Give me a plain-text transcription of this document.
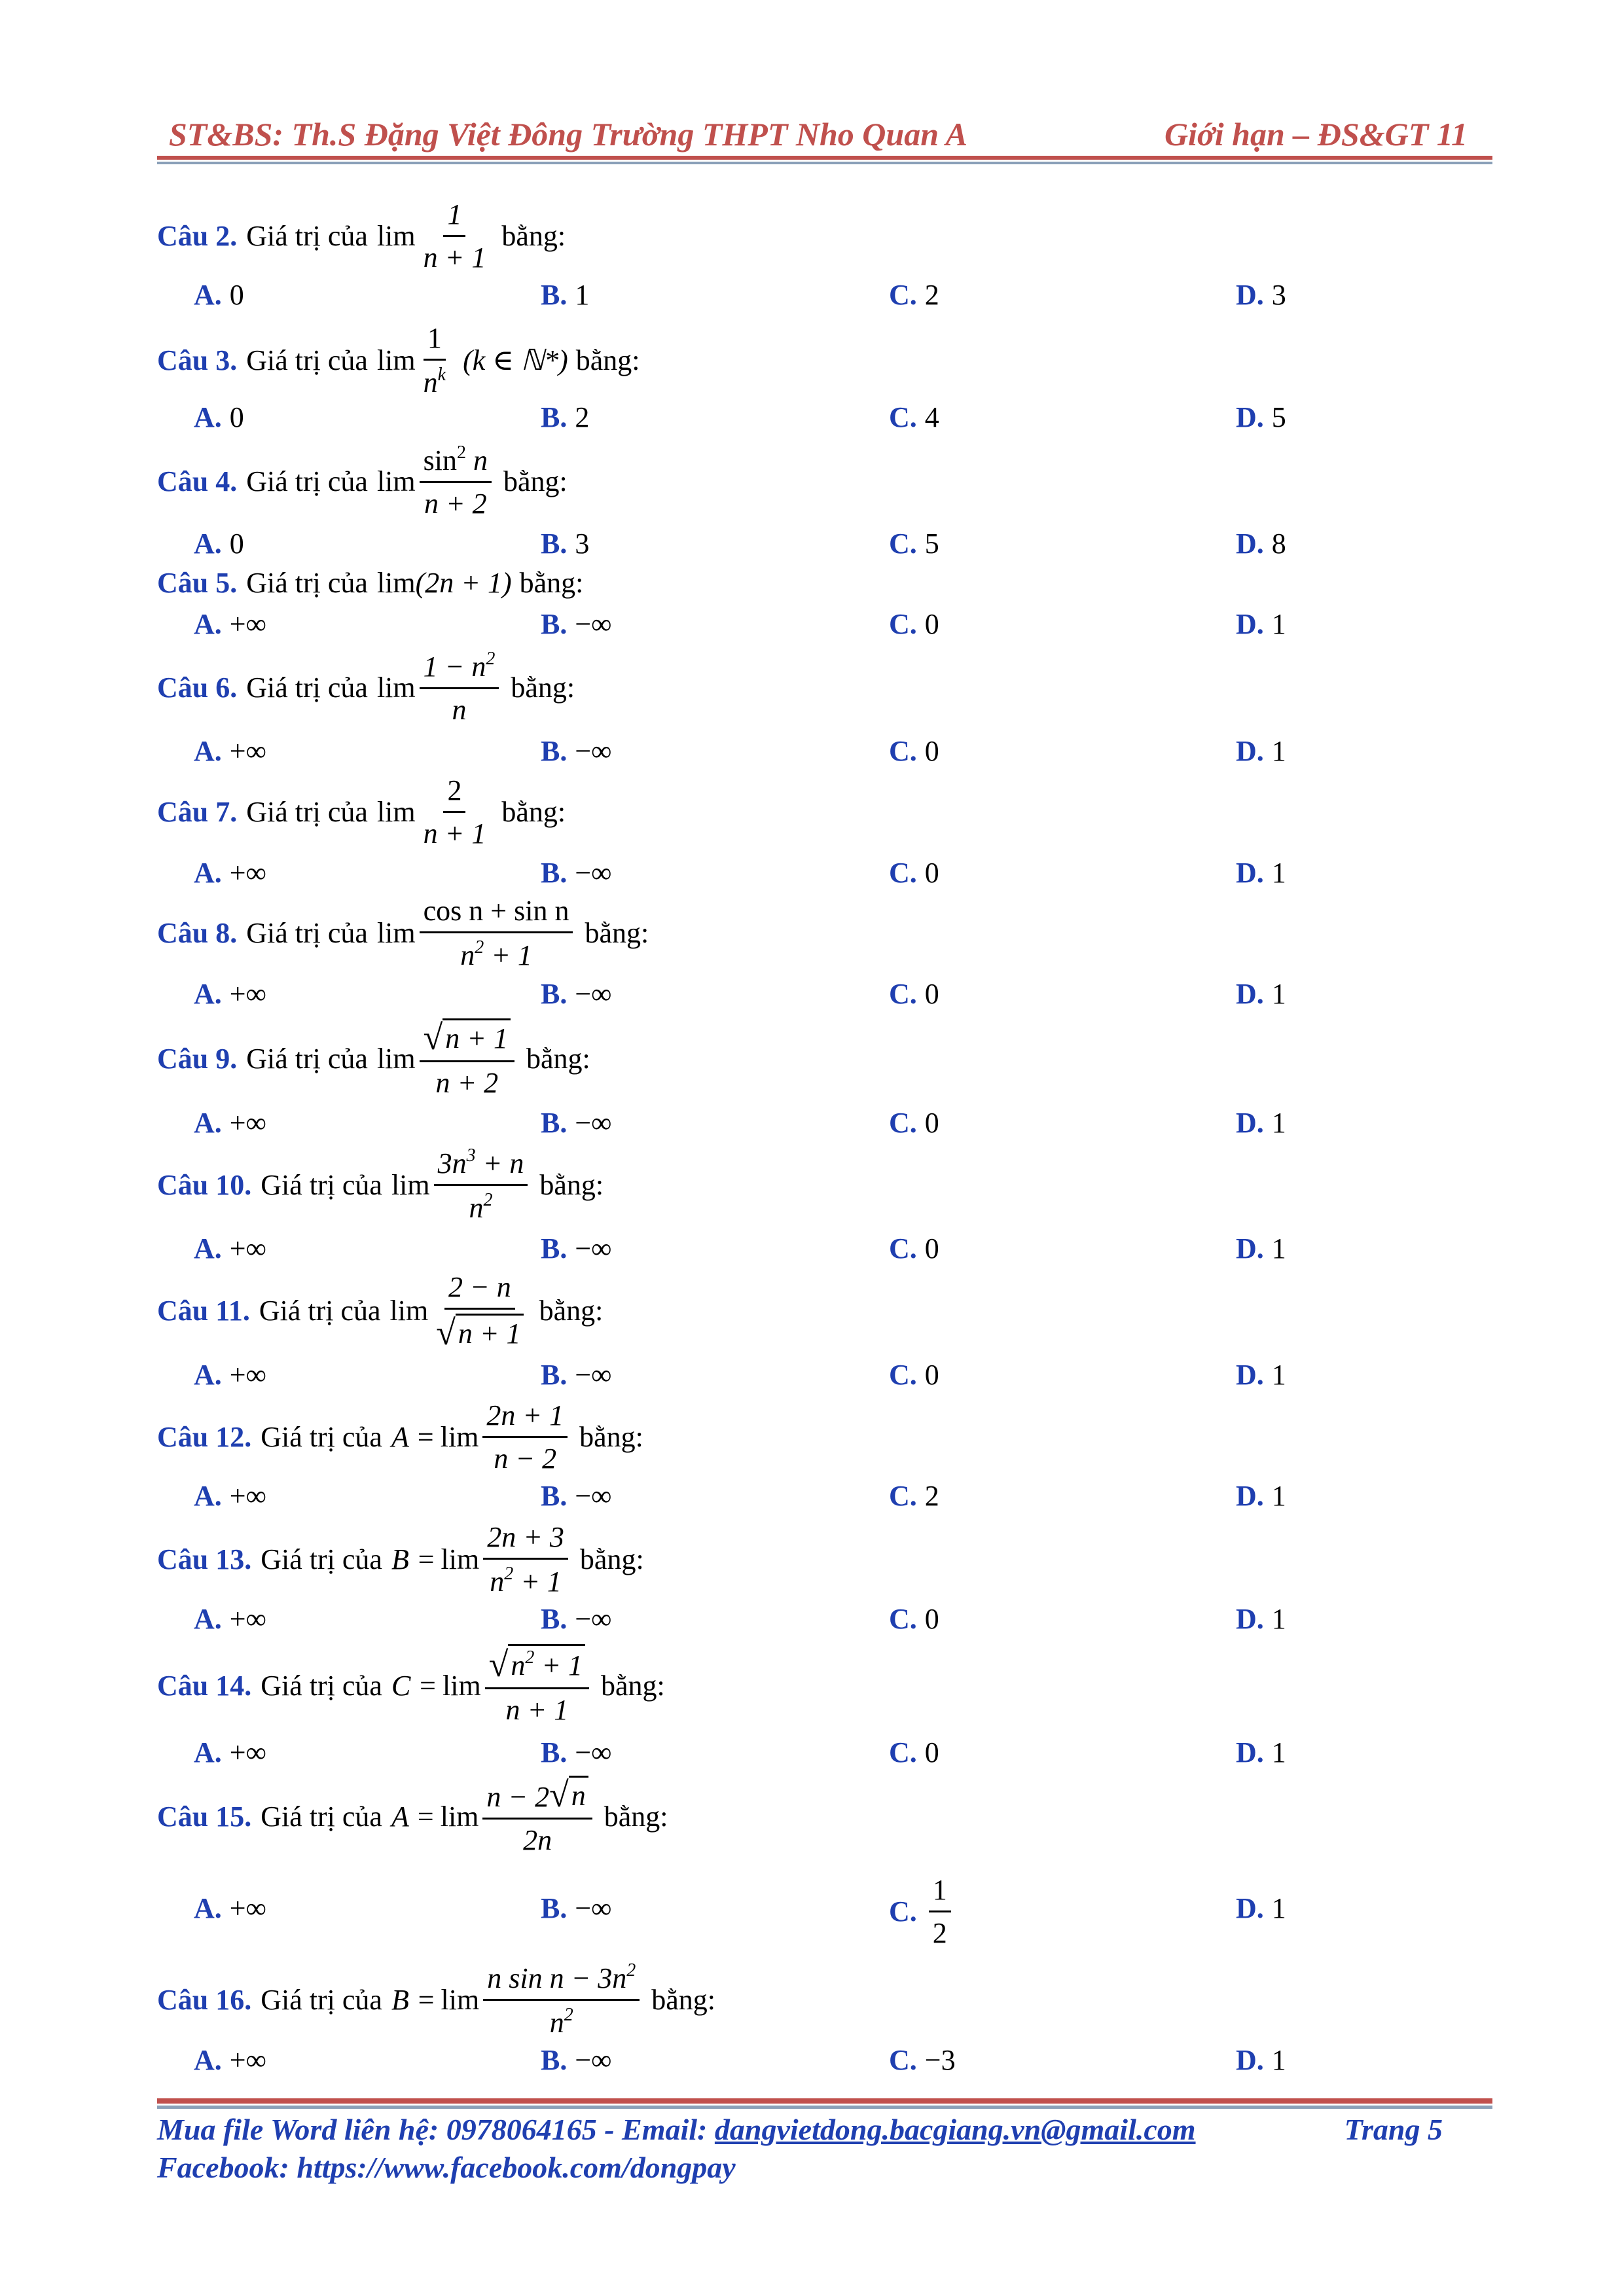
ST&BS: Th.S Đặng Việt Đông Trường THPT Nho Quan A	Giới hạn – ĐS&GT 11
Câu 2. Giá trị của $\lim \frac{1}{n + 1}$ bằng:
A. 0	B. 1	C. 2	D. 3
Câu 3. Giá trị của $\lim \frac{1}{n^k} (k$ ∈ ℕ*) bằng:
A. 0	B. 2	C. 4	D. 5
Câu 4. Giá trị của $\lim \frac{\sin^2 n}{n + 2}$ bằng:
A. 0	B. 3	C. 5	D. 8
Câu 5. Giá trị của lim (2n + 1) bằng:
A. +∞	B. −∞	C. 0	D. 1
Câu 6. Giá trị của $\lim \frac{1 - n^2}{n}$ bằng:
A. +∞	B. −∞	C. 0	D. 1
Câu 7. Giá trị của $\lim \frac{2}{n + 1}$ bằng:
A. +∞	B. −∞	C. 0	D. 1
Câu 8. Giá trị của $\lim \frac{\text{cos n + sin n}}{n^2 + 1}$ bằng:
A. +∞	B. −∞	C. 0	D. 1
Câu 9. Giá trị của $\lim \frac{√ n + 1}{n + 2}$ bằng:
A. +∞	B. −∞	C. 0	D. 1
Câu 10. Giá trị của $\lim \frac{3n^3 + n}{n^2}$ bằng:
A. +∞	B. −∞	C. 0	D. 1
Câu 11. Giá trị của $\lim \frac{2 - n}{√ n + 1}$ bằng:
A. +∞	B. −∞	C. 0	D. 1
Câu 12. Giá trị của $A = \lim \frac{2n + 1}{n - 2}$ bằng:
A. +∞	B. −∞	C. 2	D. 1
Câu 13. Giá trị của $B = \lim \frac{2n + 3}{n^2 + 1}$ bằng:
A. +∞	B. −∞	C. 0	D. 1
Câu 14. Giá trị của $C = \lim \frac{√ n^2 + 1}{n + 1}$ bằng:
A. +∞	B. −∞	C. 0	D. 1
Câu 15. Giá trị của $A = \lim \frac{n - 2 √ n}{2n}$ bằng:
A. +∞	B. −∞	C. $\frac{1}{2}$	D. 1
Câu 16. Giá trị của $B = \lim \frac{n \sin n - 3n^2}{n^2}$ bằng:
A. +∞	B. −∞	C. −3	D. 1
Mua file Word liên hệ: 0978064165 - Email: dangvietdong.bacgiang.vn@gmail.com
Facebook: https://www.facebook.com/dongpay
Trang 5
